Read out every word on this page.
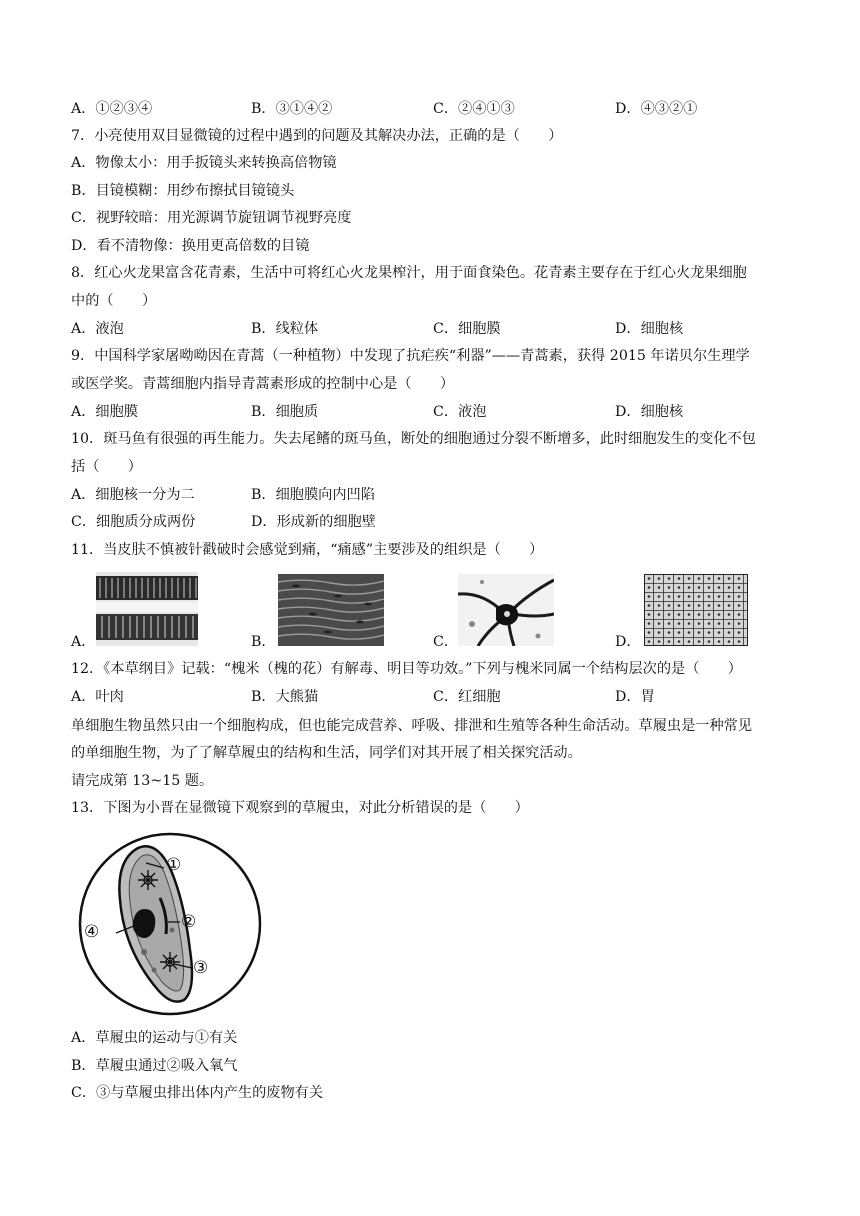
A．①②③④	B．③①④②	C．②④①③	D．④③②①
7．小亮使用双目显微镜的过程中遇到的问题及其解决办法，正确的是（　　）
A．物像太小：用手扳镜头来转换高倍物镜
B．目镜模糊：用纱布擦拭目镜镜头
C．视野较暗：用光源调节旋钮调节视野亮度
D．看不清物像：换用更高倍数的目镜
8．红心火龙果富含花青素，生活中可将红心火龙果榨汁，用于面食染色。花青素主要存在于红心火龙果细胞
中的（　　）
A．液泡	B．线粒体	C．细胞膜	D．细胞核
9．中国科学家屠呦呦因在青蒿（一种植物）中发现了抗疟疾“利器”——青蒿素，获得 2015 年诺贝尔生理学
或医学奖。青蒿细胞内指导青蒿素形成的控制中心是（　　）
A．细胞膜	B．细胞质	C．液泡	D．细胞核
10．斑马鱼有很强的再生能力。失去尾鳍的斑马鱼，断处的细胞通过分裂不断增多，此时细胞发生的变化不包
括（　　）
A．细胞核一分为二	B．细胞膜向内凹陷
C．细胞质分成两份	D．形成新的细胞壁
11．当皮肤不慎被针戳破时会感觉到痛，“痛感”主要涉及的组织是（　　）
A．	B．	C．	D．
12．《本草纲目》记载：“槐米（槐的花）有解毒、明目等功效。”下列与槐米同属一个结构层次的是（　　）
A．叶肉	B．大熊猫	C．红细胞	D．胃
单细胞生物虽然只由一个细胞构成，但也能完成营养、呼吸、排泄和生殖等各种生命活动。草履虫是一种常见
的单细胞生物，为了了解草履虫的结构和生活，同学们对其开展了相关探究活动。
请完成第 13~15 题。
13．下图为小晋在显微镜下观察到的草履虫，对此分析错误的是（　　）
①
②
③
④
A．草履虫的运动与①有关
B．草履虫通过②吸入氧气
C．③与草履虫排出体内产生的废物有关
